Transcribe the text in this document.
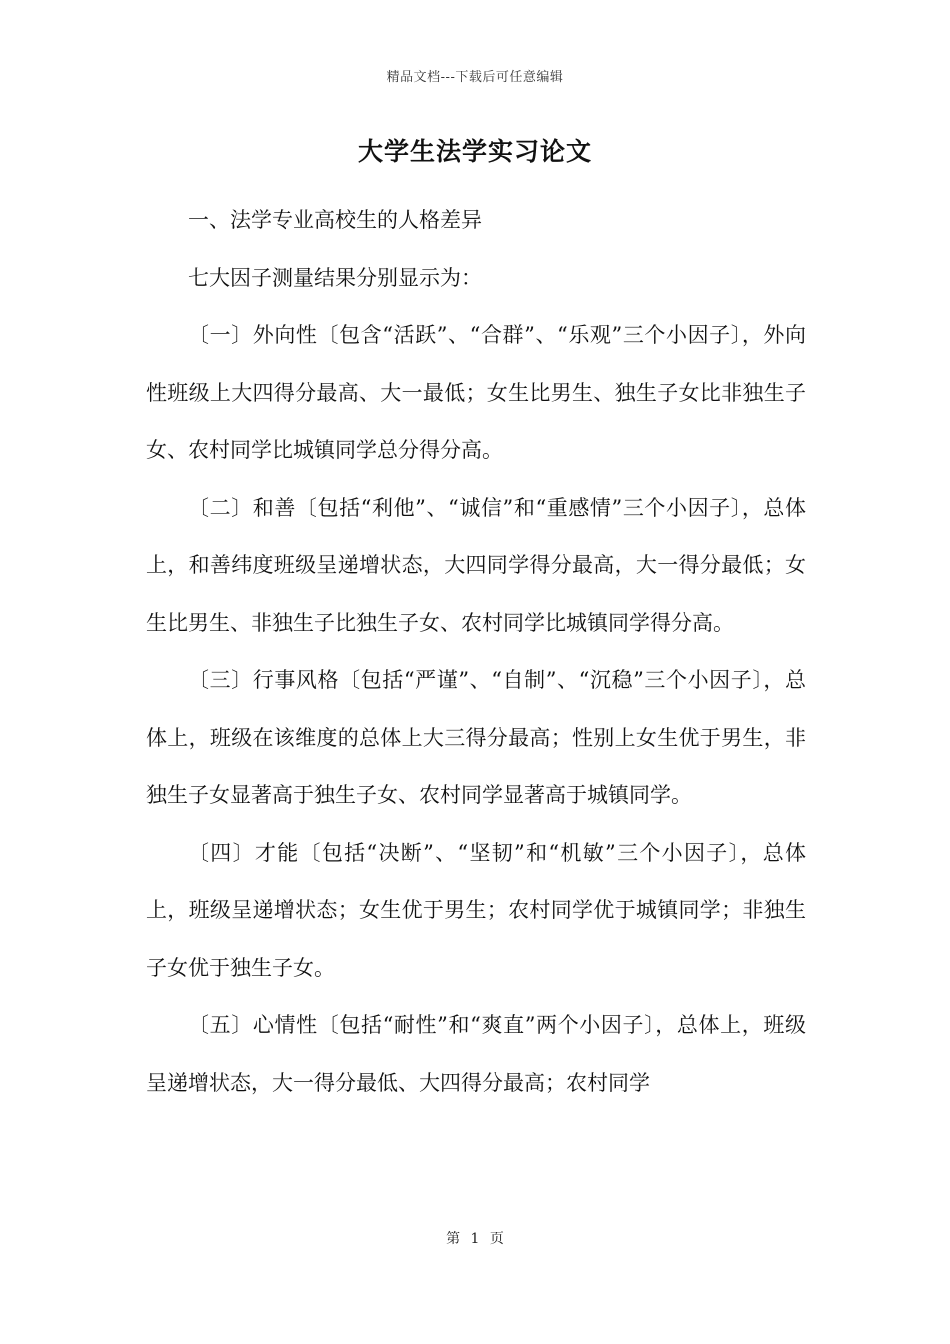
精品文档---下载后可任意编辑
大学生法学实习论文

一、法学专业高校生的人格差异

七大因子测量结果分别显示为：

〔一〕外向性〔包含“活跃”、“合群”、“乐观”三个小因子〕，外向性班级上大四得分最高、大一最低；女生比男生、独生子女比非独生子女、农村同学比城镇同学总分得分高。

〔二〕和善〔包括“利他”、“诚信”和“重感情”三个小因子〕，总体上，和善纬度班级呈递增状态，大四同学得分最高，大一得分最低；女生比男生、非独生子比独生子女、农村同学比城镇同学得分高。

〔三〕行事风格〔包括“严谨”、“自制”、“沉稳”三个小因子〕，总体上，班级在该维度的总体上大三得分最高；性别上女生优于男生，非独生子女显著高于独生子女、农村同学显著高于城镇同学。

〔四〕才能〔包括“决断”、“坚韧”和“机敏”三个小因子〕，总体上，班级呈递增状态；女生优于男生；农村同学优于城镇同学；非独生子女优于独生子女。

〔五〕心情性〔包括“耐性”和“爽直”两个小因子〕，总体上，班级呈递增状态，大一得分最低、大四得分最高；农村同学

第 1 页
